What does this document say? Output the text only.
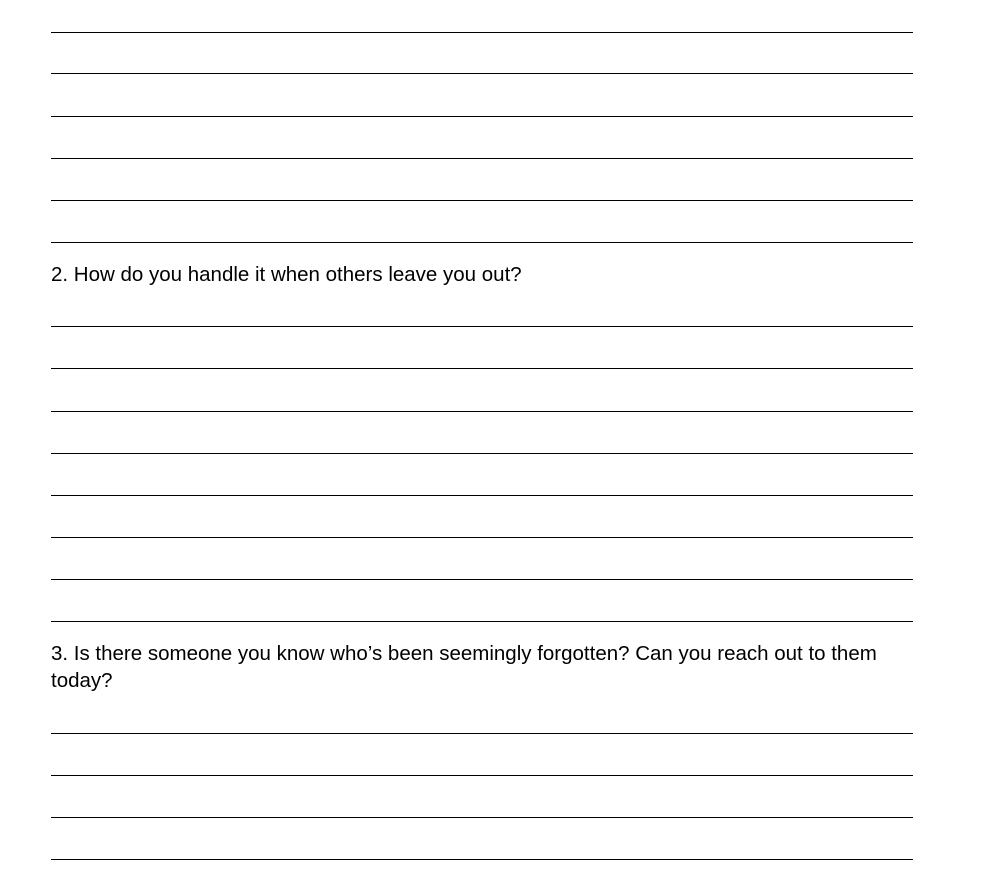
2. How do you handle it when others leave you out?

3. Is there someone you know who’s been seemingly forgotten? Can you reach out to them today?
